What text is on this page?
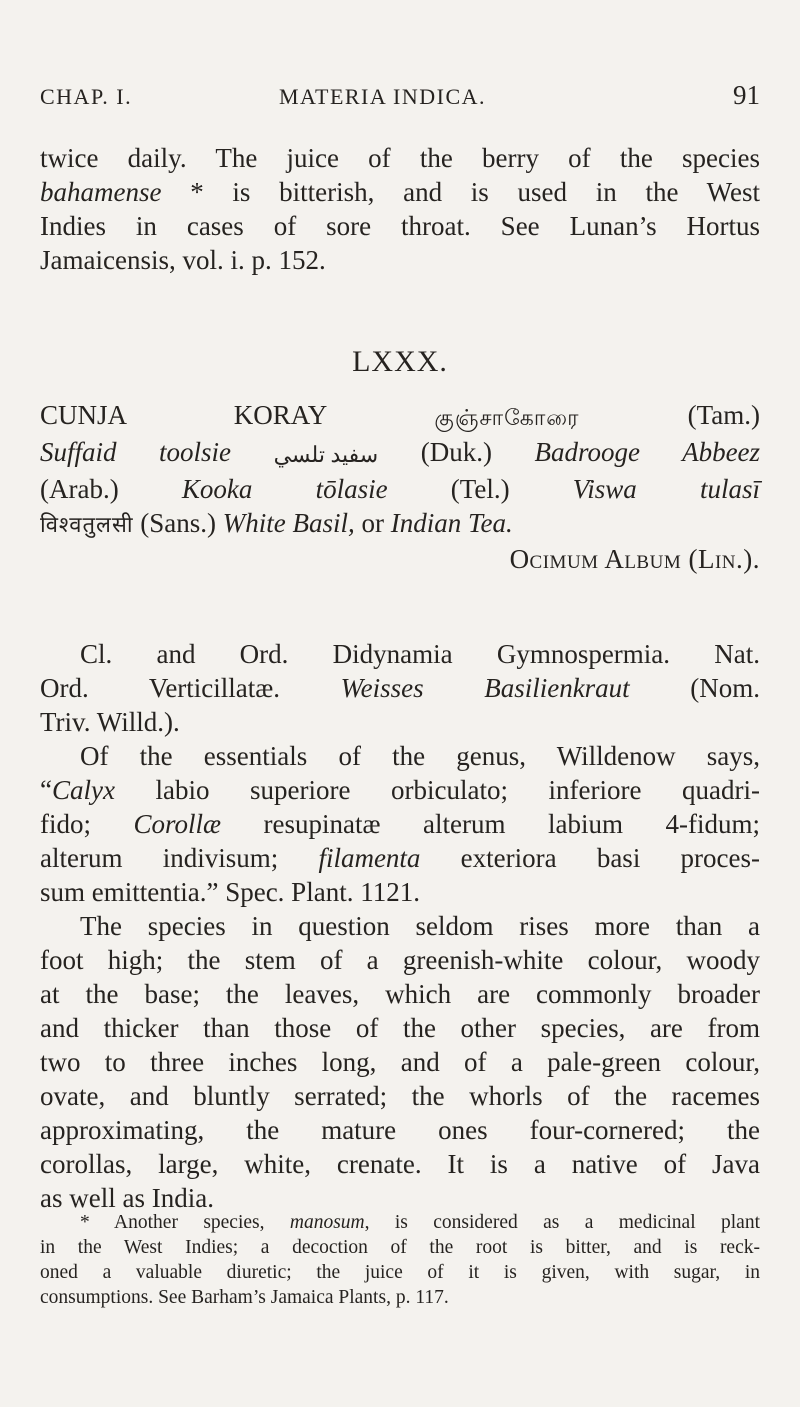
CHAP. I.	MATERIA INDICA.	91
twice daily. The juice of the berry of the species
bahamense * is bitterish, and is used in the West
Indies in cases of sore throat. See Lunan’s Hortus
Jamaicensis, vol. i. p. 152.
LXXX.
CUNJA KORAY	குஞ்சாகோரை	(Tam.)
Suffaid toolsie سفيد تلسي (Duk.) Badrooge Abbeez
(Arab.) Kooka tōlasie (Tel.) Viswa tulasī
विश्वतुलसी (Sans.) White Basil, or Indian Tea.
Ocimum Album (Lin.).
Cl. and Ord. Didynamia Gymnospermia. Nat.
Ord. Verticillatæ. Weisses Basilienkraut (Nom.
Triv. Willd.).
Of the essentials of the genus, Willdenow says,
“Calyx labio superiore orbiculato; inferiore quadri-
fido; Corollæ resupinatæ alterum labium 4-fidum;
alterum indivisum; filamenta exteriora basi proces-
sum emittentia.” Spec. Plant. 1121.
The species in question seldom rises more than a
foot high; the stem of a greenish-white colour, woody
at the base; the leaves, which are commonly broader
and thicker than those of the other species, are from
two to three inches long, and of a pale-green colour,
ovate, and bluntly serrated; the whorls of the racemes
approximating, the mature ones four-cornered; the
corollas, large, white, crenate. It is a native of Java
as well as India.
* Another species, manosum, is considered as a medicinal plant
in the West Indies; a decoction of the root is bitter, and is reck-
oned a valuable diuretic; the juice of it is given, with sugar, in
consumptions. See Barham’s Jamaica Plants, p. 117.
